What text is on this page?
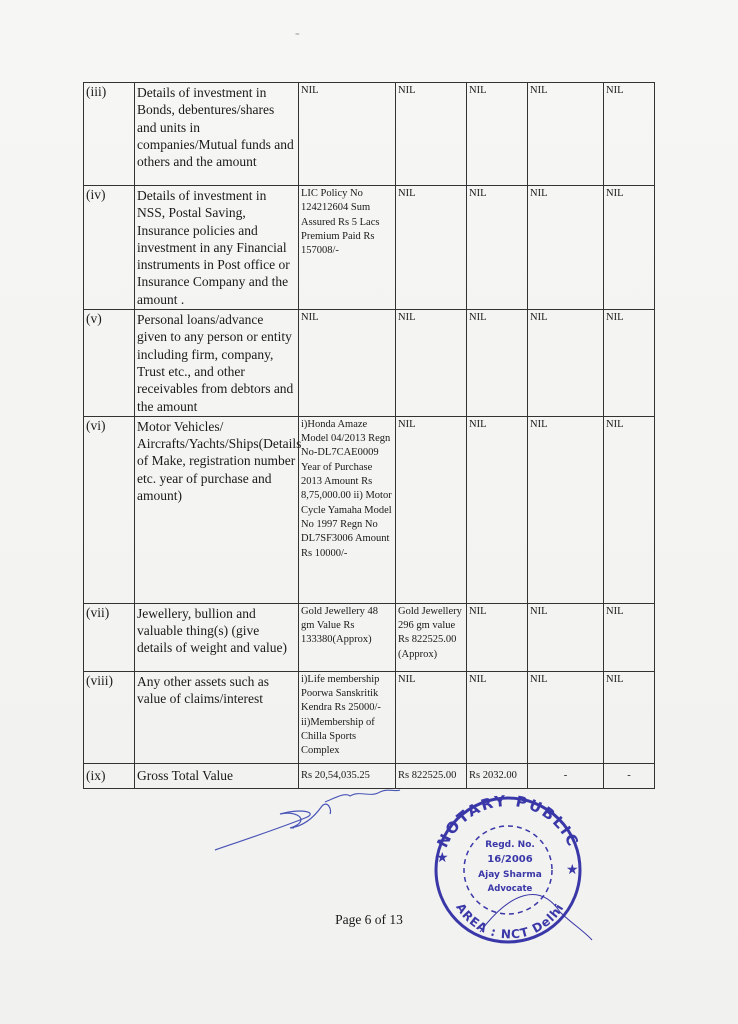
-
(iii)	Details of investment in Bonds, debentures/shares and units in companies/Mutual funds and others and the amount	NIL	NIL	NIL	NIL	NIL
(iv)	Details of investment in NSS, Postal Saving, Insurance policies and investment in any Financial instruments in Post office or Insurance Company and the amount .	LIC Policy No 124212604 Sum Assured Rs 5 Lacs Premium Paid Rs 157008/-	NIL	NIL	NIL	NIL
(v)	Personal loans/advance given to any person or entity including firm, company, Trust etc., and other receivables from debtors and the amount	NIL	NIL	NIL	NIL	NIL
(vi)	Motor Vehicles/ Aircrafts/Yachts/Ships(Details of Make, registration number etc. year of purchase and amount)	i)Honda Amaze Model 04/2013 Regn No-DL7CAE0009 Year of Purchase 2013 Amount Rs 8,75,000.00 ii) Motor Cycle Yamaha Model No 1997 Regn No DL7SF3006 Amount Rs 10000/-	NIL	NIL	NIL	NIL
(vii)	Jewellery, bullion and valuable thing(s) (give details of weight and value)	Gold Jewellery 48 gm Value Rs 133380(Approx)	Gold Jewellery 296 gm value Rs 822525.00 (Approx)	NIL	NIL	NIL
(viii)	Any other assets such as value of claims/interest	i)Life membership Poorwa Sanskritik Kendra Rs 25000/- ii)Membership of Chilla Sports Complex	NIL	NIL	NIL	NIL
(ix)	Gross Total Value	Rs 20,54,035.25	Rs 822525.00	Rs 2032.00	-	-
NOTARY PUBLIC
AREA : NCT Delhi
★
★
Regd. No.
16/2006
Ajay Sharma
Advocate
Page 6 of 13
